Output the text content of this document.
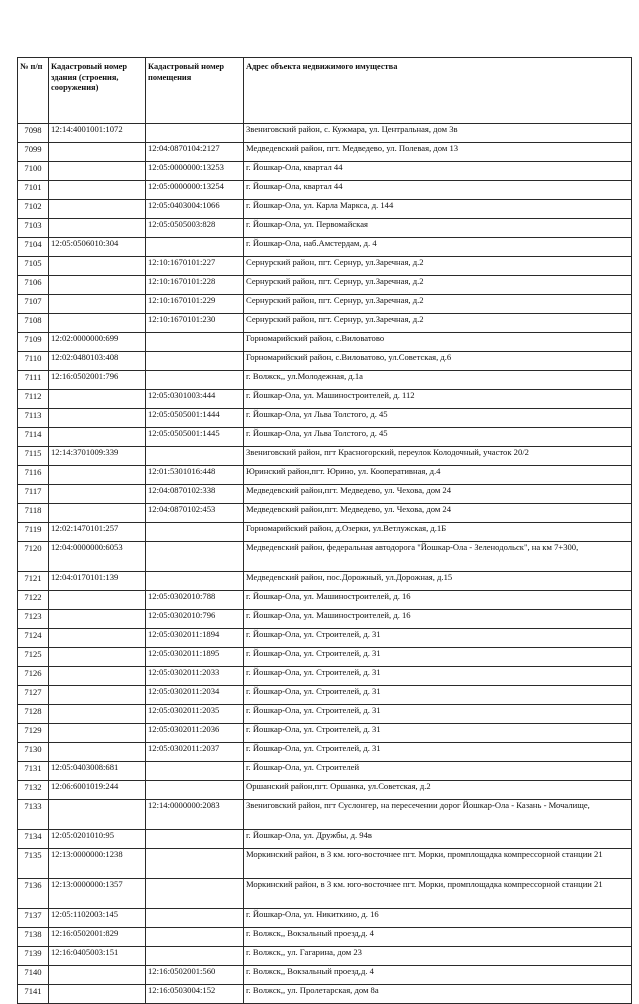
№ п/п	Кадастровый номер здания (строения, сооружения)	Кадастровый номер помещения	Адрес объекта недвижимого имущества
7098	12:14:4001001:1072		Звениговский район, с. Кужмара, ул. Центральная, дом 3в
7099		12:04:0870104:2127	Медведевский район, пгт. Медведево, ул. Полевая, дом 13
7100		12:05:0000000:13253	г. Йошкар-Ола, квартал 44
7101		12:05:0000000:13254	г. Йошкар-Ола, квартал 44
7102		12:05:0403004:1066	г. Йошкар-Ола, ул. Карла Маркса, д. 144
7103		12:05:0505003:828	г. Йошкар-Ола, ул. Первомайская
7104	12:05:0506010:304		г. Йошкар-Ола, наб.Амстердам, д. 4
7105		12:10:1670101:227	Сернурский район, пгт. Сернур, ул.Заречная, д.2
7106		12:10:1670101:228	Сернурский район, пгт. Сернур, ул.Заречная, д.2
7107		12:10:1670101:229	Сернурский район, пгт. Сернур, ул.Заречная, д.2
7108		12:10:1670101:230	Сернурский район, пгт. Сернур, ул.Заречная, д.2
7109	12:02:0000000:699		Горномарийский район, с.Виловатово
7110	12:02:0480103:408		Горномарийский район, с.Виловатово, ул.Советская, д.6
7111	12:16:0502001:796		г. Волжск,, ул.Молодежная, д.1а
7112		12:05:0301003:444	г. Йошкар-Ола, ул. Машиностроителей, д. 112
7113		12:05:0505001:1444	г. Йошкар-Ола, ул Льва Толстого, д. 45
7114		12:05:0505001:1445	г. Йошкар-Ола, ул Льва Толстого, д. 45
7115	12:14:3701009:339		Звениговский район, пгт Красногорский, переулок Колодочный, участок 20/2
7116		12:01:5301016:448	Юринский район,пгт. Юрино, ул. Кооперативная, д.4
7117		12:04:0870102:338	Медведевский район,пгт. Медведево, ул. Чехова, дом 24
7118		12:04:0870102:453	Медведевский район,пгт. Медведево, ул. Чехова, дом 24
7119	12:02:1470101:257		Горномарийский район, д.Озерки, ул.Ветлужская, д.1Б
7120	12:04:0000000:6053		Медведевский район, федеральная автодорога "Йошкар-Ола - Зеленодольск", на км 7+300,
7121	12:04:0170101:139		Медведевский район, пос.Дорожный, ул.Дорожная, д.15
7122		12:05:0302010:788	г. Йошкар-Ола, ул. Машиностроителей, д. 16
7123		12:05:0302010:796	г. Йошкар-Ола, ул. Машиностроителей, д. 16
7124		12:05:0302011:1894	г. Йошкар-Ола, ул. Строителей, д. 31
7125		12:05:0302011:1895	г. Йошкар-Ола, ул. Строителей, д. 31
7126		12:05:0302011:2033	г. Йошкар-Ола, ул. Строителей, д. 31
7127		12:05:0302011:2034	г. Йошкар-Ола, ул. Строителей, д. 31
7128		12:05:0302011:2035	г. Йошкар-Ола, ул. Строителей, д. 31
7129		12:05:0302011:2036	г. Йошкар-Ола, ул. Строителей, д. 31
7130		12:05:0302011:2037	г. Йошкар-Ола, ул. Строителей, д. 31
7131	12:05:0403008:681		г. Йошкар-Ола, ул. Строителей
7132	12:06:6001019:244		Оршанский район,пгт. Оршанка, ул.Советская, д.2
7133		12:14:0000000:2083	Звениговский район, пгт Суслонгер, на пересечении дорог Йошкар-Ола - Казань - Мочалище,
7134	12:05:0201010:95		г. Йошкар-Ола, ул. Дружбы, д. 94в
7135	12:13:0000000:1238		Моркинский район, в 3 км. юго-восточнее пгт. Морки, промплощадка компрессорной станции 21
7136	12:13:0000000:1357		Моркинский район, в 3 км. юго-восточнее пгт. Морки, промплощадка компрессорной станции 21
7137	12:05:1102003:145		г. Йошкар-Ола, ул. Никиткино, д. 16
7138	12:16:0502001:829		г. Волжск,, Вокзальный проезд,д. 4
7139	12:16:0405003:151		г. Волжск,, ул. Гагарина, дом 23
7140		12:16:0502001:560	г. Волжск,, Вокзальный проезд,д. 4
7141		12:16:0503004:152	г. Волжск,, ул. Пролетарская, дом 8а
